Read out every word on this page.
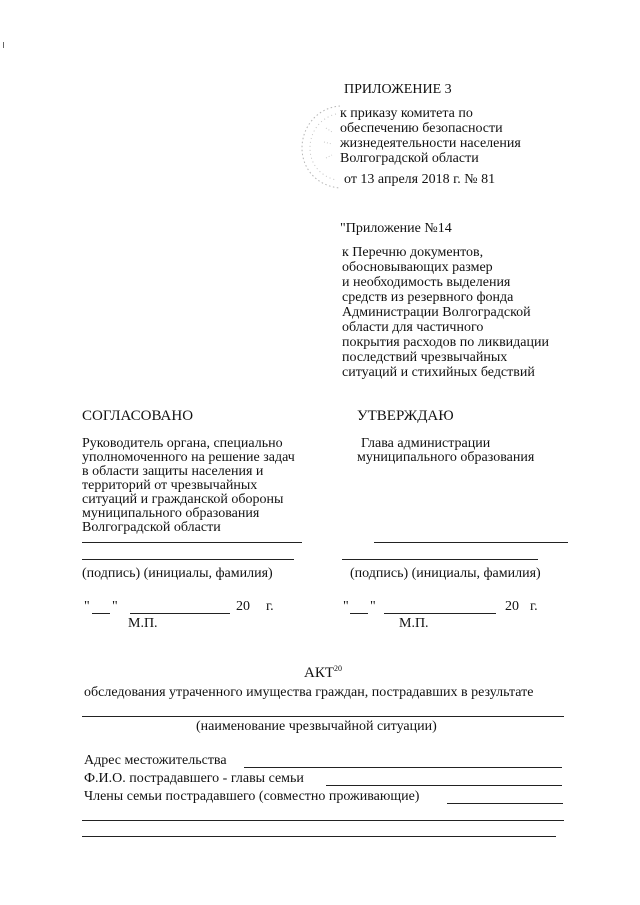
ПРИЛОЖЕНИЕ 3
к приказу комитета по
обеспечению безопасности
жизнедеятельности населения
Волгоградской области
от 13 апреля 2018 г. № 81
"Приложение №14
к Перечню документов,
обосновывающих размер
и необходимость выделения
средств из резервного фонда
Администрации Волгоградской
области для частичного
покрытия расходов по ликвидации
последствий чрезвычайных
ситуаций и стихийных бедствий
СОГЛАСОВАНО
Руководитель органа, специально
уполномоченного на решение задач
в области защиты населения и
территорий от чрезвычайных
ситуаций и гражданской обороны
муниципального образования
Волгоградской области
(подпись) (инициалы, фамилия)
" "	20 г.
М.П.
УТВЕРЖДАЮ
Глава администрации
муниципального образования
(подпись) (инициалы, фамилия)
" "	20 г.
М.П.
АКТ$^{20}$
обследования утраченного имущества граждан, пострадавших в результате
(наименование чрезвычайной ситуации)
Адрес местожительства
Ф.И.О. пострадавшего - главы семьи
Члены семьи пострадавшего (совместно проживающие)
